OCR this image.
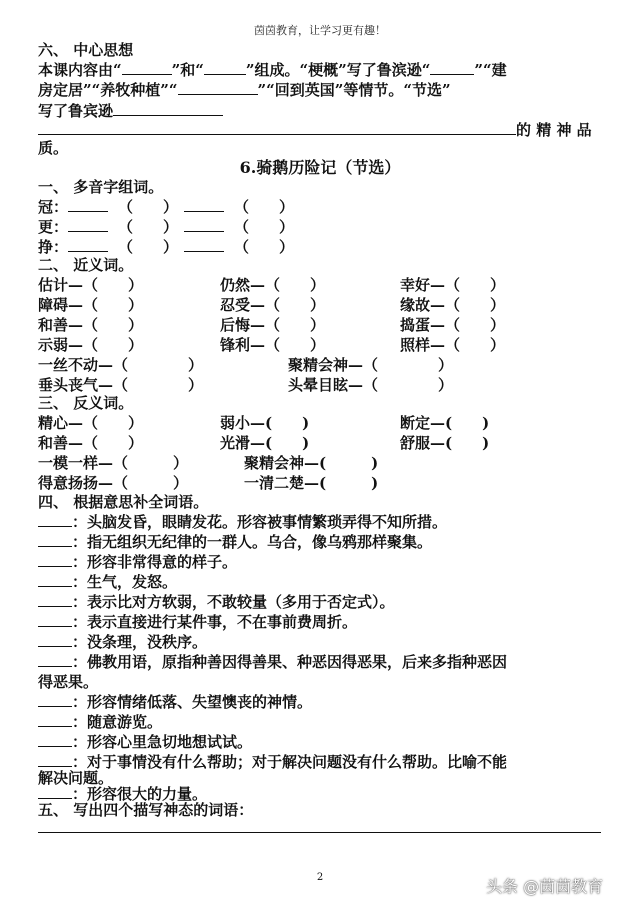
茵茵教育，让学习更有趣！
六、 中心思想
本课内容由“	”和“	”组成。“梗概”写了鲁滨逊“	”“建
房定居”“养牧种植”“	”“回到英国”等情节。“节选”
写了鲁宾逊
的 精 神 品
质。
6.骑鹅历险记（节选）
一、 多音字组词。
冠：	（　　）	（　　）
更：	（　　）	（　　）
挣：	（　　）	（　　）
二、 近义词。
估计—（　　）	仍然—（　　）	幸好—（　　）
障碍—（　　）	忍受—（　　）	缘故—（　　）
和善—（　　）	后悔—（　　）	捣蛋—（　　）
示弱—（　　）	锋利—（　　）	照样—（　　）
一丝不动—（　　　　）	聚精会神—（　　　　）
垂头丧气—（　　　　）	头晕目眩—（　　　　）
三、 反义词。
精心—（　　）	弱小—(　　)	断定—(　　)
和善—（　　）	光滑—(　　)	舒服—(　　)
一模一样—（　　　）	聚精会神—(　　　)
得意扬扬—（　　　）	一清二楚—(　　　)
四、 根据意思补全词语。
：头脑发昏，眼睛发花。形容被事情繁琐弄得不知所措。
：指无组织无纪律的一群人。乌合，像乌鸦那样聚集。
：形容非常得意的样子。
：生气，发怒。
：表示比对方软弱，不敢较量（多用于否定式）。
：表示直接进行某件事，不在事前费周折。
：没条理，没秩序。
：佛教用语，原指种善因得善果、种恶因得恶果，后来多指种恶因
：形容情绪低落、失望懊丧的神情。
：随意游览。
：形容心里急切地想试试。
：对于事情没有什么帮助；对于解决问题没有什么帮助。比喻不能
：形容很大的力量。
得恶果。
解决问题。
五、 写出四个描写神态的词语：
2	头条 @茵茵教育
